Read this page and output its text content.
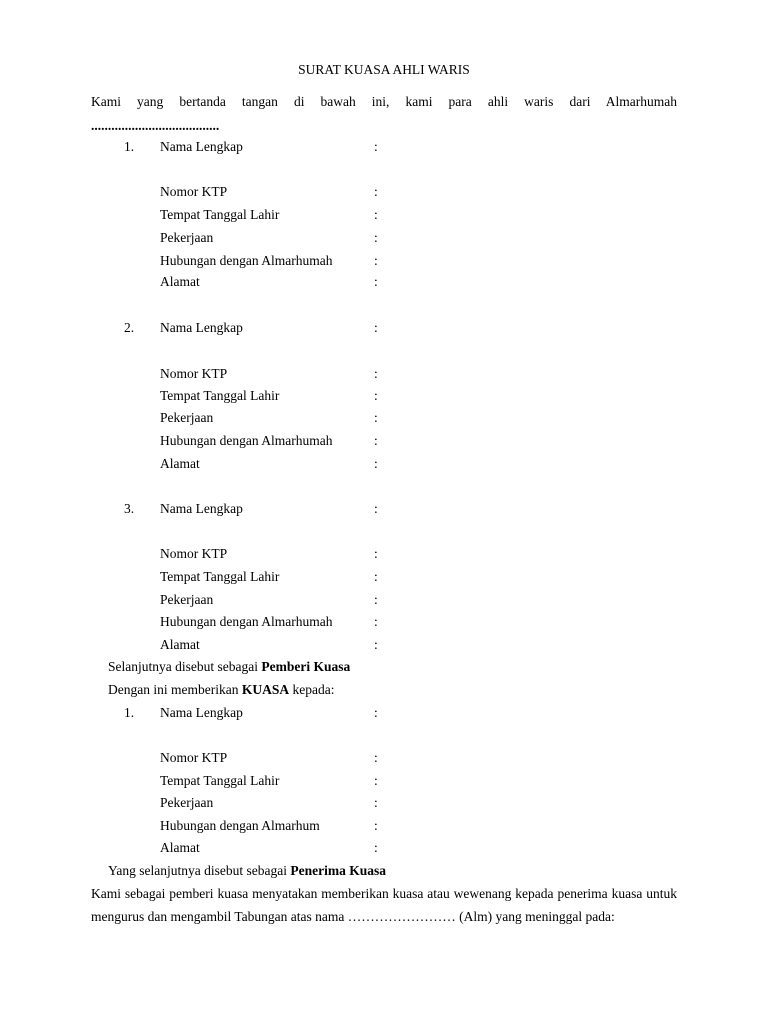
SURAT KUASA AHLI WARIS
Kami yang bertanda tangan di bawah ini, kami para ahli waris dari Almarhumah
......................................
1. Nama Lengkap	:
Nomor KTP	:
Tempat Tanggal Lahir	:
Pekerjaan	:
Hubungan dengan Almarhumah	:
Alamat	:
2. Nama Lengkap	:
Nomor KTP	:
Tempat Tanggal Lahir	:
Pekerjaan	:
Hubungan dengan Almarhumah	:
Alamat	:
3. Nama Lengkap	:
Nomor KTP	:
Tempat Tanggal Lahir	:
Pekerjaan	:
Hubungan dengan Almarhumah	:
Alamat	:
Selanjutnya disebut sebagai Pemberi Kuasa
Dengan ini memberikan KUASA kepada:
1. Nama Lengkap	:
Nomor KTP	:
Tempat Tanggal Lahir	:
Pekerjaan	:
Hubungan dengan Almarhum	:
Alamat	:
Yang selanjutnya disebut sebagai Penerima Kuasa
Kami sebagai pemberi kuasa menyatakan memberikan kuasa atau wewenang kepada penerima kuasa untuk mengurus dan mengambil Tabungan atas nama …………………… (Alm) yang meninggal pada:
